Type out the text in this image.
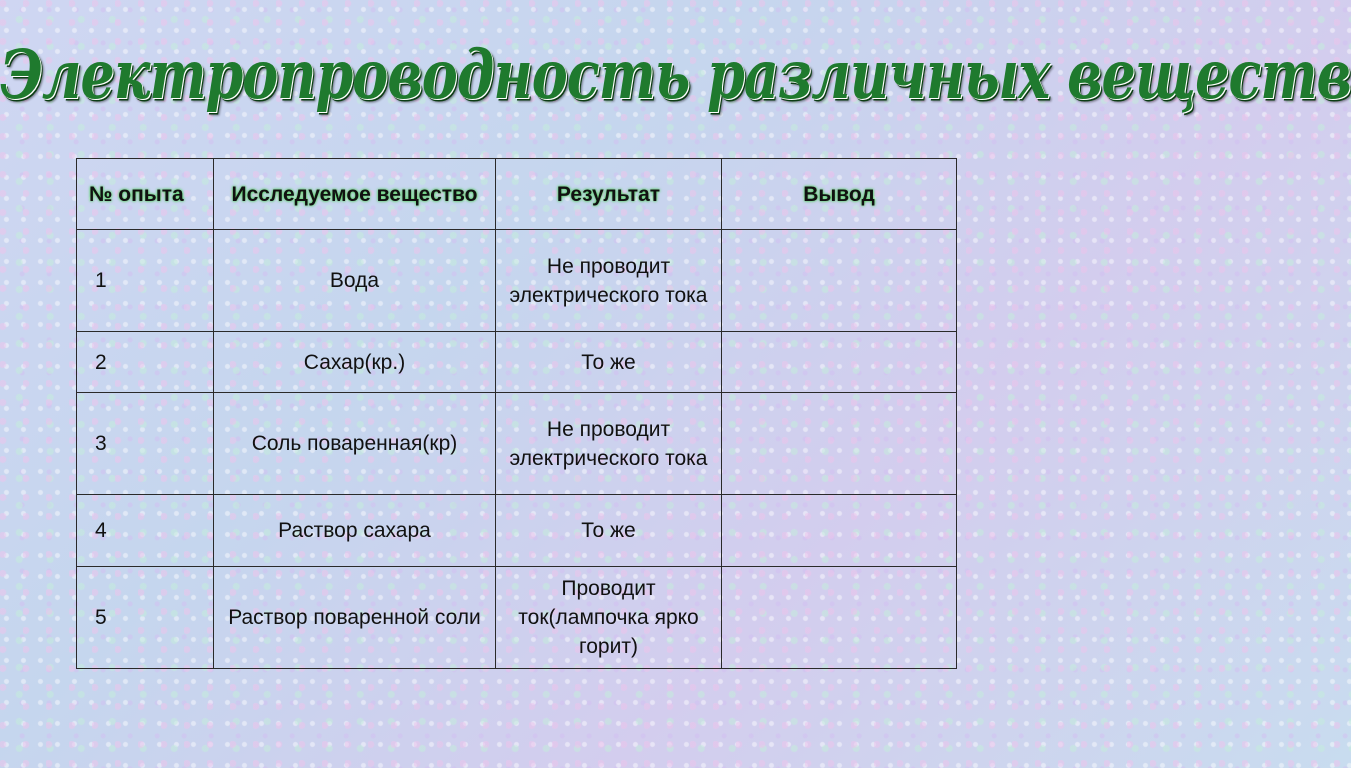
Электропроводность различных веществ
№ опыта	Исследуемое вещество	Результат	Вывод
1	Вода	Не проводит электрического тока	
2	Сахар(кр.)	То же	
3	Соль поваренная(кр)	Не проводит электрического тока	
4	Раствор сахара	То же	
5	Раствор поваренной соли	Проводит ток(лампочка ярко горит)	
